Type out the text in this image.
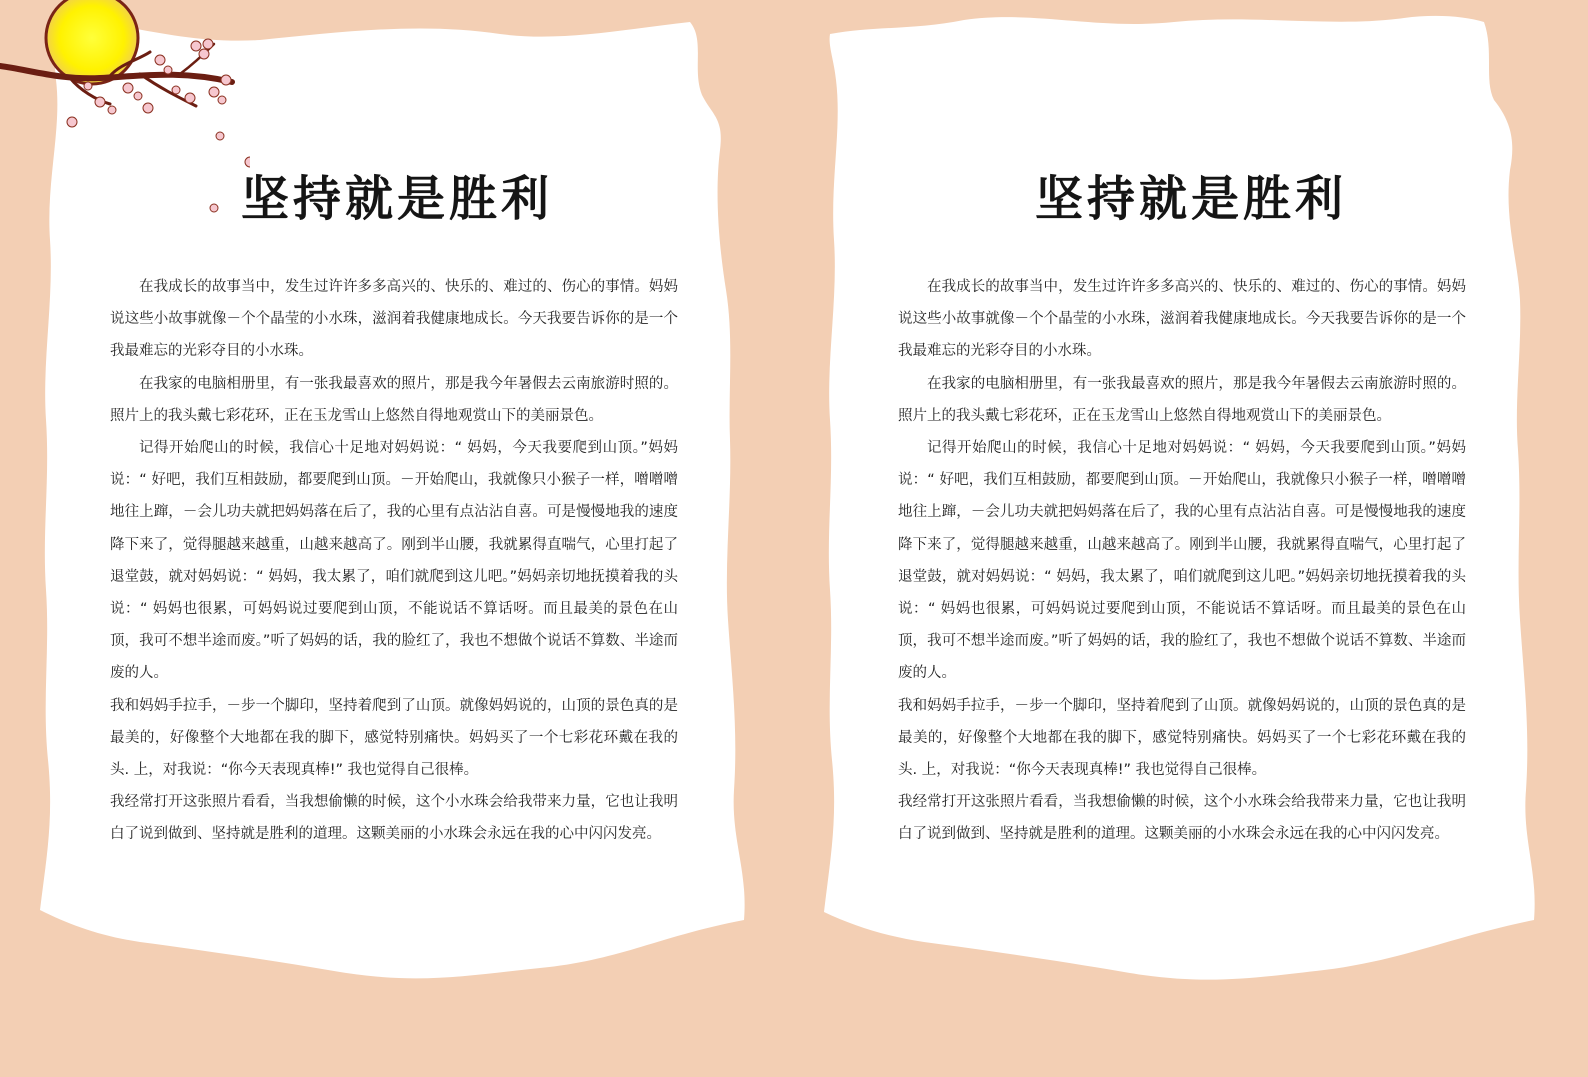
坚持就是胜利

在我成长的故事当中，发生过许许多多高兴的、快乐的、难过的、伤心的事情。妈妈说这些小故事就像－个个晶莹的小水珠，滋润着我健康地成长。今天我要告诉你的是一个我最难忘的光彩夺目的小水珠。

在我家的电脑相册里，有一张我最喜欢的照片，那是我今年暑假去云南旅游时照的。照片上的我头戴七彩花环，正在玉龙雪山上悠然自得地观赏山下的美丽景色。

记得开始爬山的时候，我信心十足地对妈妈说：“ 妈妈，今天我要爬到山顶。”妈妈说：“ 好吧，我们互相鼓励，都要爬到山顶。－开始爬山，我就像只小猴子一样，噌噌噌地往上蹿，－会儿功夫就把妈妈落在后了，我的心里有点沾沾自喜。可是慢慢地我的速度降下来了，觉得腿越来越重，山越来越高了。刚到半山腰，我就累得直喘气，心里打起了退堂鼓，就对妈妈说：“ 妈妈，我太累了，咱们就爬到这儿吧。”妈妈亲切地抚摸着我的头说：“ 妈妈也很累，可妈妈说过要爬到山顶，不能说话不算话呀。而且最美的景色在山顶，我可不想半途而废。”听了妈妈的话，我的脸红了，我也不想做个说话不算数、半途而废的人。

我和妈妈手拉手，－步一个脚印，坚持着爬到了山顶。就像妈妈说的，山顶的景色真的是最美的，好像整个大地都在我的脚下，感觉特别痛快。妈妈买了一个七彩花环戴在我的头. 上，对我说：“你今天表现真棒!” 我也觉得自己很棒。

我经常打开这张照片看看，当我想偷懒的时候，这个小水珠会给我带来力量，它也让我明白了说到做到、坚持就是胜利的道理。这颗美丽的小水珠会永远在我的心中闪闪发亮。

坚持就是胜利

在我成长的故事当中，发生过许许多多高兴的、快乐的、难过的、伤心的事情。妈妈说这些小故事就像－个个晶莹的小水珠，滋润着我健康地成长。今天我要告诉你的是一个我最难忘的光彩夺目的小水珠。

在我家的电脑相册里，有一张我最喜欢的照片，那是我今年暑假去云南旅游时照的。照片上的我头戴七彩花环，正在玉龙雪山上悠然自得地观赏山下的美丽景色。

记得开始爬山的时候，我信心十足地对妈妈说：“ 妈妈，今天我要爬到山顶。”妈妈说：“ 好吧，我们互相鼓励，都要爬到山顶。－开始爬山，我就像只小猴子一样，噌噌噌地往上蹿，－会儿功夫就把妈妈落在后了，我的心里有点沾沾自喜。可是慢慢地我的速度降下来了，觉得腿越来越重，山越来越高了。刚到半山腰，我就累得直喘气，心里打起了退堂鼓，就对妈妈说：“ 妈妈，我太累了，咱们就爬到这儿吧。”妈妈亲切地抚摸着我的头说：“ 妈妈也很累，可妈妈说过要爬到山顶，不能说话不算话呀。而且最美的景色在山顶，我可不想半途而废。”听了妈妈的话，我的脸红了，我也不想做个说话不算数、半途而废的人。

我和妈妈手拉手，－步一个脚印，坚持着爬到了山顶。就像妈妈说的，山顶的景色真的是最美的，好像整个大地都在我的脚下，感觉特别痛快。妈妈买了一个七彩花环戴在我的头. 上，对我说：“你今天表现真棒!” 我也觉得自己很棒。

我经常打开这张照片看看，当我想偷懒的时候，这个小水珠会给我带来力量，它也让我明白了说到做到、坚持就是胜利的道理。这颗美丽的小水珠会永远在我的心中闪闪发亮。
